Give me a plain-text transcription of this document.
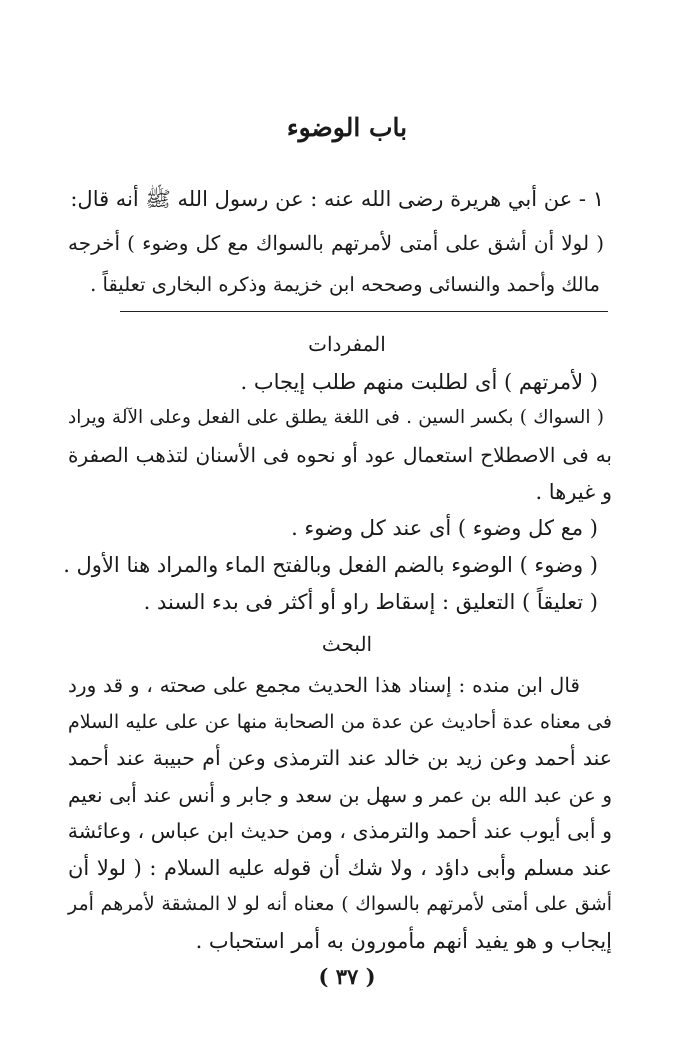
باب الوضوء
١ - عن أبي هريرة رضى الله عنه : عن رسول الله ﷺ أنه قال:
( لولا أن أشق على أمتى لأمرتهم بالسواك مع كل وضوء ) أخرجه
مالك وأحمد والنسائى وصححه ابن خزيمة وذكره البخارى تعليقاً .
المفردات
( لأمرتهم ) أى لطلبت منهم طلب إيجاب .
( السواك ) بكسر السين . فى اللغة يطلق على الفعل وعلى الآلة ويراد
به فى الاصطلاح استعمال عود أو نحوه فى الأسنان لتذهب الصفرة
و غيرها .
( مع كل وضوء ) أى عند كل وضوء .
( وضوء ) الوضوء بالضم الفعل وبالفتح الماء والمراد هنا الأول .
( تعليقاً ) التعليق : إسقاط راو أو أكثر فى بدء السند .
البحث
قال ابن منده : إسناد هذا الحديث مجمع على صحته ، و قد ورد
فى معناه عدة أحاديث عن عدة من الصحابة منها عن على عليه السلام
عند أحمد وعن زيد بن خالد عند الترمذى وعن أم حبيبة عند أحمد
و عن عبد الله بن عمر و سهل بن سعد و جابر و أنس عند أبى نعيم
و أبى أيوب عند أحمد والترمذى ، ومن حديث ابن عباس ، وعائشة
عند مسلم وأبى داؤد ، ولا شك أن قوله عليه السلام : ( لولا أن
أشق على أمتى لأمرتهم بالسواك ) معناه أنه لو لا المشقة لأمرهم أمر
إيجاب و هو يفيد أنهم مأمورون به أمر استحباب .
( ٣٧ )
